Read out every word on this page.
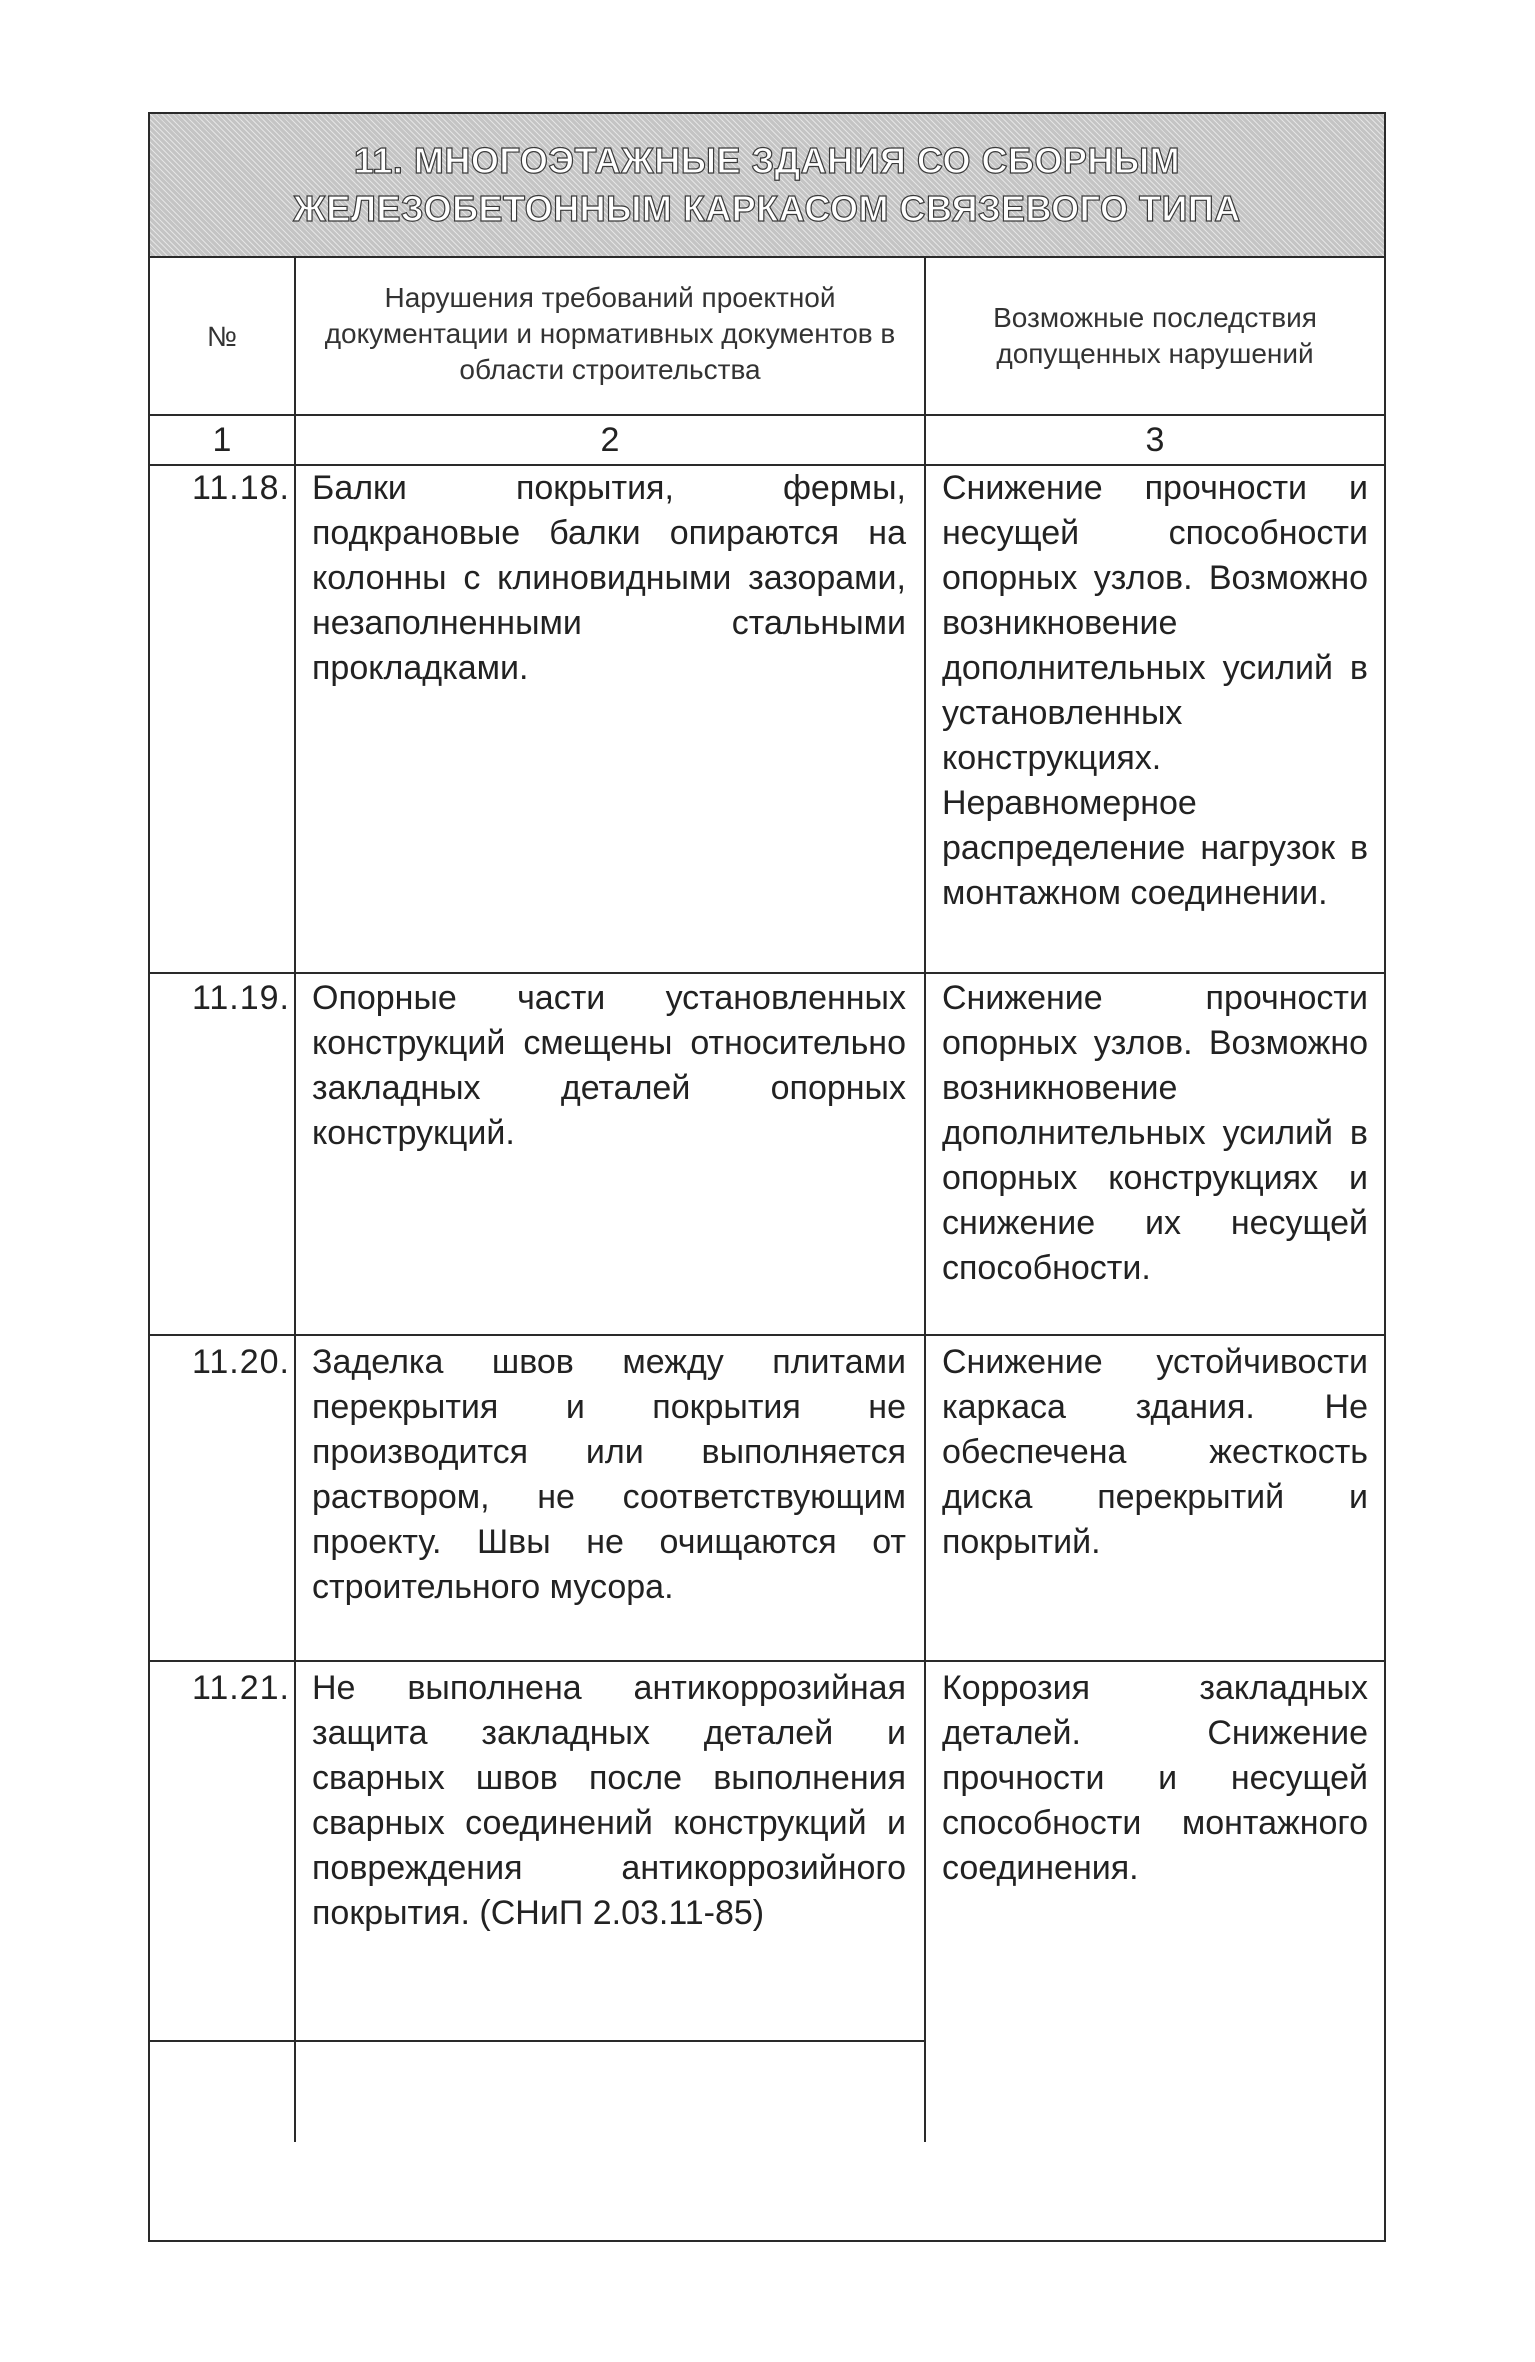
11. МНОГОЭТАЖНЫЕ ЗДАНИЯ СО СБОРНЫМ
ЖЕЛЕЗОБЕТОННЫМ КАРКАСОМ СВЯЗЕВОГО ТИПА
№
Нарушения требований проектной документации и нормативных документов в области строительства
Возможные последствия допущенных нарушений
1	2	3
11.18. Балки покрытия, фермы, подкрановые балки опираются на колонны с клиновидными зазорами, незаполненными стальными прокладками.
Снижение прочности и несущей способности опорных узлов. Возможно возникновение дополнительных усилий в установленных конструкциях. Неравномерное распределение нагрузок в монтажном соединении.
11.19. Опорные части установленных конструкций смещены относительно закладных деталей опорных конструкций.
Снижение прочности опорных узлов. Возможно возникновение дополнительных усилий в опорных конструкциях и снижение их несущей способности.
11.20. Заделка швов между плитами перекрытия и покрытия не производится или выполняется раствором, не соответствующим проекту. Швы не очищаются от строительного мусора.
Снижение устойчивости каркаса здания. Не обеспечена жесткость диска перекрытий и покрытий.
11.21. Не выполнена антикоррозийная защита закладных деталей и сварных швов после выполнения сварных соединений конструкций и повреждения антикоррозийного покрытия. (СНиП 2.03.11-85)
Коррозия закладных деталей. Снижение прочности и несущей способности монтажного соединения.
